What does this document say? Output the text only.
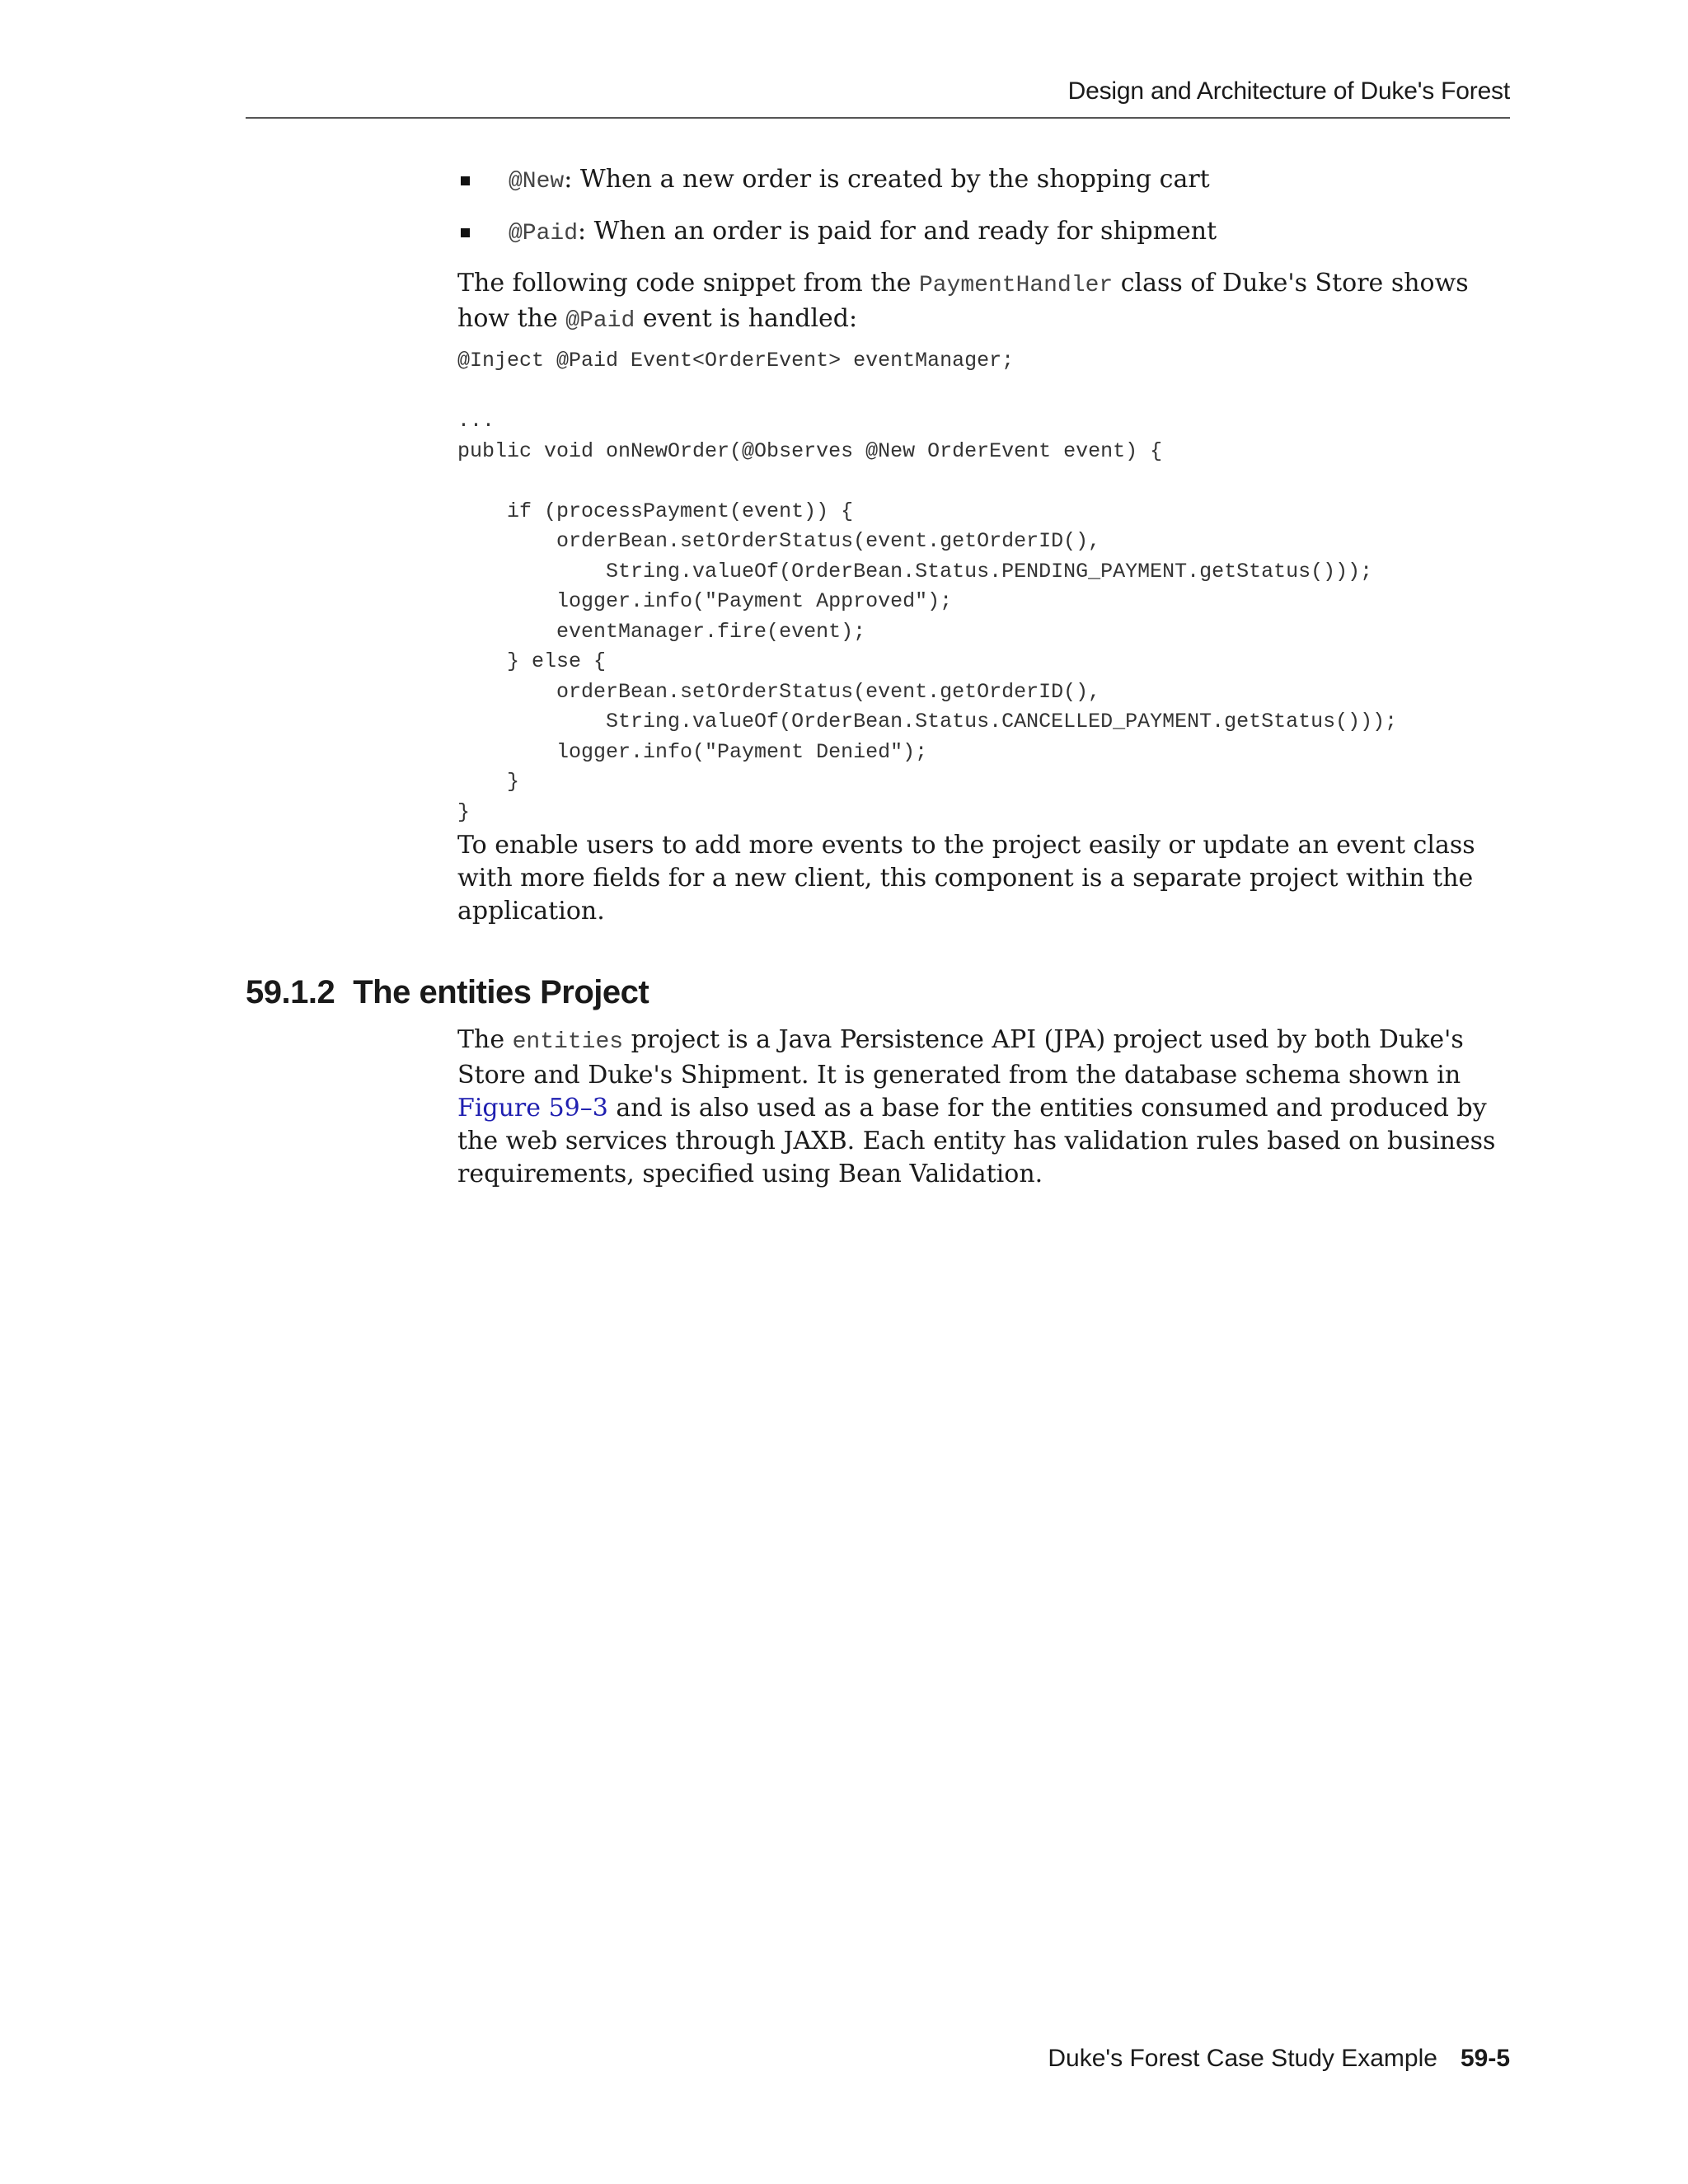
Design and Architecture of Duke's Forest
@New: When a new order is created by the shopping cart
@Paid: When an order is paid for and ready for shipment

The following code snippet from the PaymentHandler class of Duke's Store shows how the @Paid event is handled:

@Inject @Paid Event<OrderEvent> eventManager;

...
public void onNewOrder(@Observes @New OrderEvent event) {

if (processPayment(event)) {
orderBean.setOrderStatus(event.getOrderID(),
String.valueOf(OrderBean.Status.PENDING_PAYMENT.getStatus()));
logger.info("Payment Approved");
eventManager.fire(event);
} else {
orderBean.setOrderStatus(event.getOrderID(),
String.valueOf(OrderBean.Status.CANCELLED_PAYMENT.getStatus()));
logger.info("Payment Denied");
}
}

To enable users to add more events to the project easily or update an event class with more fields for a new client, this component is a separate project within the application.

59.1.2 The entities Project

The entities project is a Java Persistence API (JPA) project used by both Duke's Store and Duke's Shipment. It is generated from the database schema shown in Figure 59–3 and is also used as a base for the entities consumed and produced by the web services through JAXB. Each entity has validation rules based on business requirements, specified using Bean Validation.

Duke's Forest Case Study Example 59-5
